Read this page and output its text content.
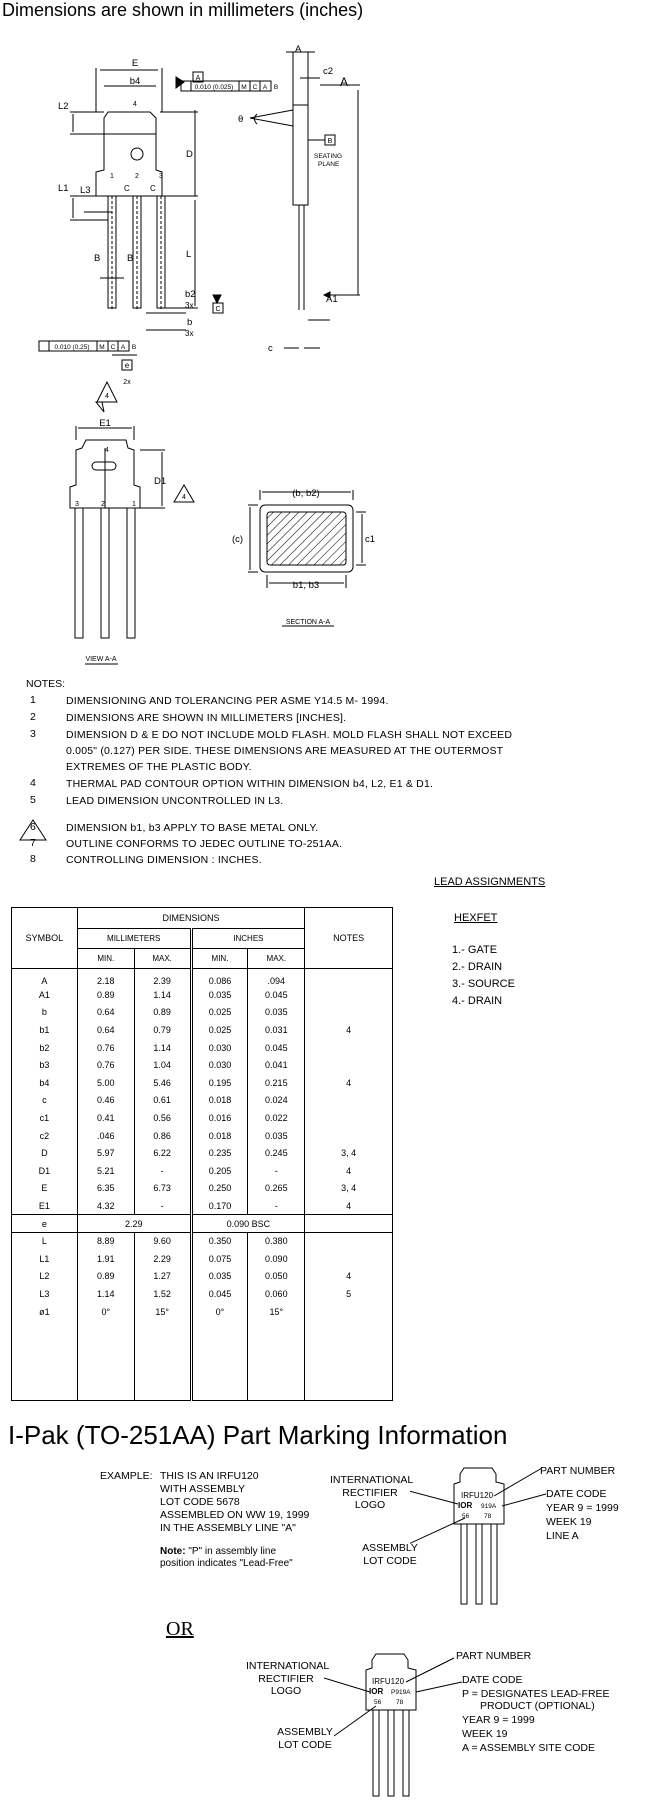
Dimensions are shown in millimeters (inches)
E
b4
L2
D
L1 L3
L
B	B
C	C
b2
3x
b
3x
e
2x
A
C
B
A
c2
A
θ
SEATING
PLANE
A1
c
4
1	2	3
0.010 (0.025) M C A B
0.010 (0.25) M C A B
4
E1
4
D1
4
3	2	1
VIEW A-A
(b, b2)
(c)	c1
b1, b3
SECTION A-A
NOTES:
1	DIMENSIONING AND TOLERANCING PER ASME Y14.5 M- 1994.
2	DIMENSIONS ARE SHOWN IN MILLIMETERS [INCHES].
3	DIMENSION D & E DO NOT INCLUDE MOLD FLASH. MOLD FLASH SHALL NOT EXCEED
0.005" (0.127) PER SIDE. THESE DIMENSIONS ARE MEASURED AT THE OUTERMOST
EXTREMES OF THE PLASTIC BODY.
4	THERMAL PAD CONTOUR OPTION WITHIN DIMENSION b4, L2, E1 & D1.
5	LEAD DIMENSION UNCONTROLLED IN L3.
6	DIMENSION b1, b3 APPLY TO BASE METAL ONLY.
7	OUTLINE CONFORMS TO JEDEC OUTLINE TO-251AA.
8	CONTROLLING DIMENSION : INCHES.
SYMBOL	DIMENSIONS				NOTES
	MILLIMETERS		INCHES		
	MIN.	MAX.	MIN.	MAX.	
A	2.18	2.39	0.086	.094	
A1	0.89	1.14	0.035	0.045	
b	0.64	0.89	0.025	0.035	
b1	0.64	0.79	0.025	0.031	4
b2	0.76	1.14	0.030	0.045	
b3	0.76	1.04	0.030	0.041	
b4	5.00	5.46	0.195	0.215	4
c	0.46	0.61	0.018	0.024	
c1	0.41	0.56	0.016	0.022	
c2	.046	0.86	0.018	0.035	
D	5.97	6.22	0.235	0.245	3, 4
D1	5.21	-	0.205	-	4
E	6.35	6.73	0.250	0.265	3, 4
E1	4.32	-	0.170	-	4
e	2.29		0.090 BSC		
L	8.89	9.60	0.350	0.380	
L1	1.91	2.29	0.075	0.090	
L2	0.89	1.27	0.035	0.050	4
L3	1.14	1.52	0.045	0.060	5
ø1	0°	15°	0°	15°	

LEAD ASSIGNMENTS
HEXFET
1.- GATE
2.- DRAIN
3.- SOURCE
4.- DRAIN
I-Pak (TO-251AA) Part Marking Information
EXAMPLE: THIS IS AN IRFU120
WITH ASSEMBLY
LOT CODE 5678
ASSEMBLED ON WW 19, 1999
IN THE ASSEMBLY LINE "A"
Note: "P" in assembly line
position indicates "Lead-Free"
INTERNATIONAL
RECTIFIER
LOGO
PART NUMBER
DATE CODE
YEAR 9 = 1999
WEEK 19
LINE A
ASSEMBLY
LOT CODE
IRFU120
IOR 919A
56 78
OR
INTERNATIONAL
RECTIFIER
LOGO
PART NUMBER
DATE CODE
P = DESIGNATES LEAD-FREE
PRODUCT (OPTIONAL)
YEAR 9 = 1999
WEEK 19
A = ASSEMBLY SITE CODE
ASSEMBLY
LOT CODE
IRFU120
IOR P919A
56 78
